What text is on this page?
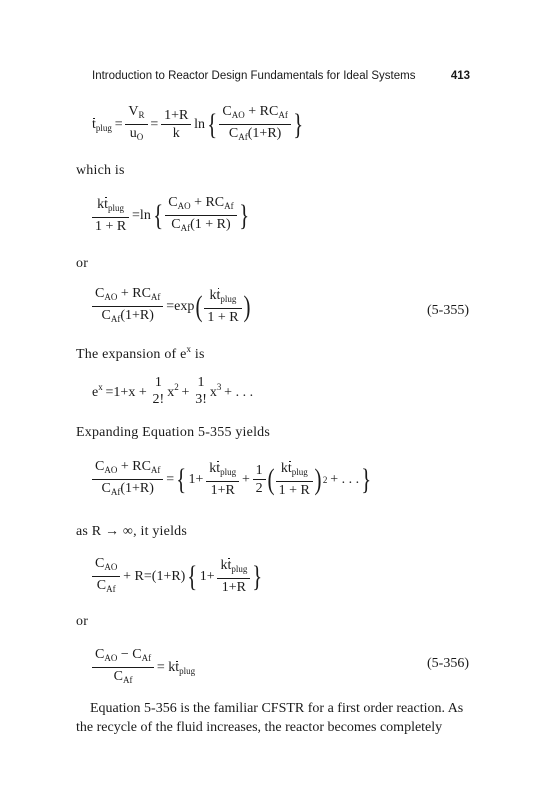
Introduction to Reactor Design Fundamentals for Ideal Systems	413
$t_{plug} = \frac{V_R}{u_O} = \frac{1+R}{k}$  ln { $\frac{C_{AO} + RC_{Af}}{C_{Af}(1+R)}$ }
which is
$\frac{kt_{plug}}{1 + R} =\ln$ { $\frac{C_{AO} + RC_{Af}}{C_{Af}(1 + R)}$ }
or
$\frac{C_{AO} + RC_{Af}}{C_{Af}(1+R)} =\exp$ ( $\frac{kt_{plug}}{1 + R}$ )	(5-355)
The expansion of $e^x$ is
$e^x =1+x$ + 
1
2! $x^2$ + 
1
3! $x^3$ + . . .
Expanding Equation 5-355 yields
$\frac{C_{AO} + RC_{Af}}{C_{Af}(1+R)}$  = { $1+ \frac{kt_{plug}}{1+R} + \frac{1}{2}$ ( $\frac{kt_{plug}}{1 + R}$ ) 2  + . . . }
as R → ∞, it yields
$\frac{C_{AO}}{C_{Af}} + R=(1+R)$ { $1+ \frac{kt_{plug}}{1+R}$ }
or
$\frac{C_{AO} - C_{Af}}{C_{Af}} = kt_{plug}$	(5-356)
Equation 5-356 is the familiar CFSTR for a first order reaction. As
the recycle of the fluid increases, the reactor becomes completely
